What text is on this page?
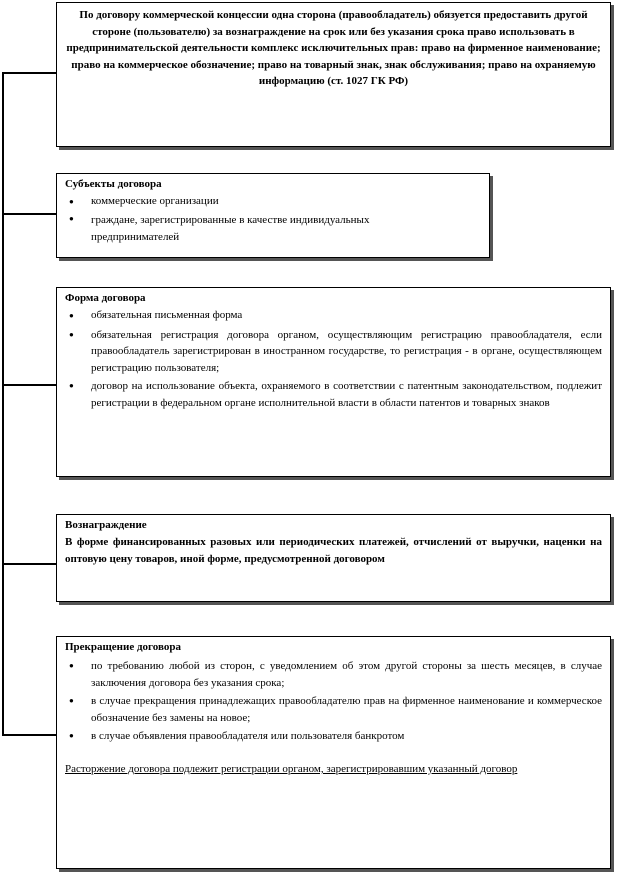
По договору коммерческой концессии одна сторона (правообладатель) обязуется предоставить другой стороне (пользователю) за вознаграждение на срок или без указания срока право использовать в предпринимательской деятельности комплекс исключительных прав: право на фирменное наименование; право на коммерческое обозначение; право на товарный знак, знак обслуживания; право на охраняемую информацию (ст. 1027 ГК РФ)
Субъекты договора
● коммерческие организации
● граждане, зарегистрированные в качестве индивидуальных предпринимателей
Форма договора
● обязательная письменная форма
● обязательная регистрация договора органом, осуществляющим регистрацию правообладателя, если правообладатель зарегистрирован в иностранном государстве, то регистрация - в органе, осуществляющем регистрацию пользователя;
● договор на использование объекта, охраняемого в соответствии с патентным законодательством, подлежит регистрации в федеральном органе исполнительной власти в области патентов и товарных знаков
Вознаграждение
В форме финансированных разовых или периодических платежей, отчислений от выручки, наценки на оптовую цену товаров, иной форме, предусмотренной договором
Прекращение договора
● по требованию любой из сторон, с уведомлением об этом другой стороны за шесть месяцев, в случае заключения договора без указания срока;
● в случае прекращения принадлежащих правообладателю прав на фирменное наименование и коммерческое обозначение без замены на новое;
● в случае объявления правообладателя или пользователя банкротом
Расторжение договора подлежит регистрации органом, зарегистрировавшим указанный договор
